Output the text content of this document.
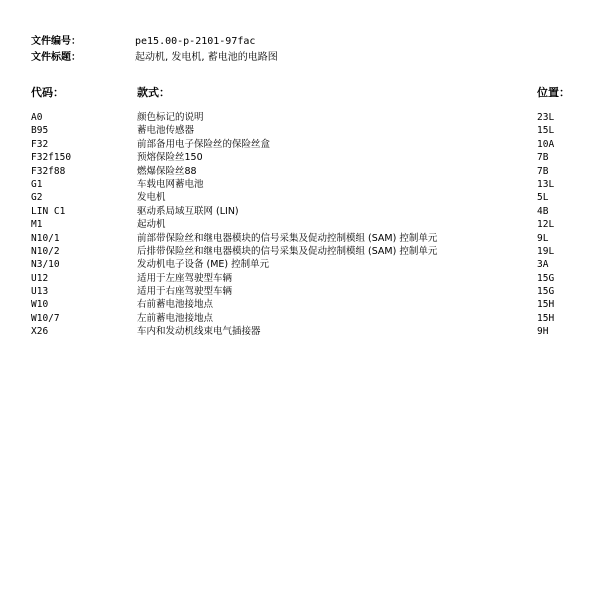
文件编号：	pe15.00-p-2101-97fac
文件标题：	起动机, 发电机, 蓄电池的电路图
代码：	款式：	位置：
A0	颜色标记的说明	23L
B95	蓄电池传感器	15L
F32	前部备用电子保险丝的保险丝盒	10A
F32f150	预熔保险丝150	7B
F32f88	燃爆保险丝88	7B
G1	车载电网蓄电池	13L
G2	发电机	5L
LIN C1	驱动系局域互联网 (LIN)	4B
M1	起动机	12L
N10/1	前部带保险丝和继电器模块的信号采集及促动控制模组 (SAM) 控制单元	9L
N10/2	后排带保险丝和继电器模块的信号采集及促动控制模组 (SAM) 控制单元	19L
N3/10	发动机电子设备 (ME) 控制单元	3A
U12	适用于左座驾驶型车辆	15G
U13	适用于右座驾驶型车辆	15G
W10	右前蓄电池接地点	15H
W10/7	左前蓄电池接地点	15H
X26	车内和发动机线束电气插接器	9H
